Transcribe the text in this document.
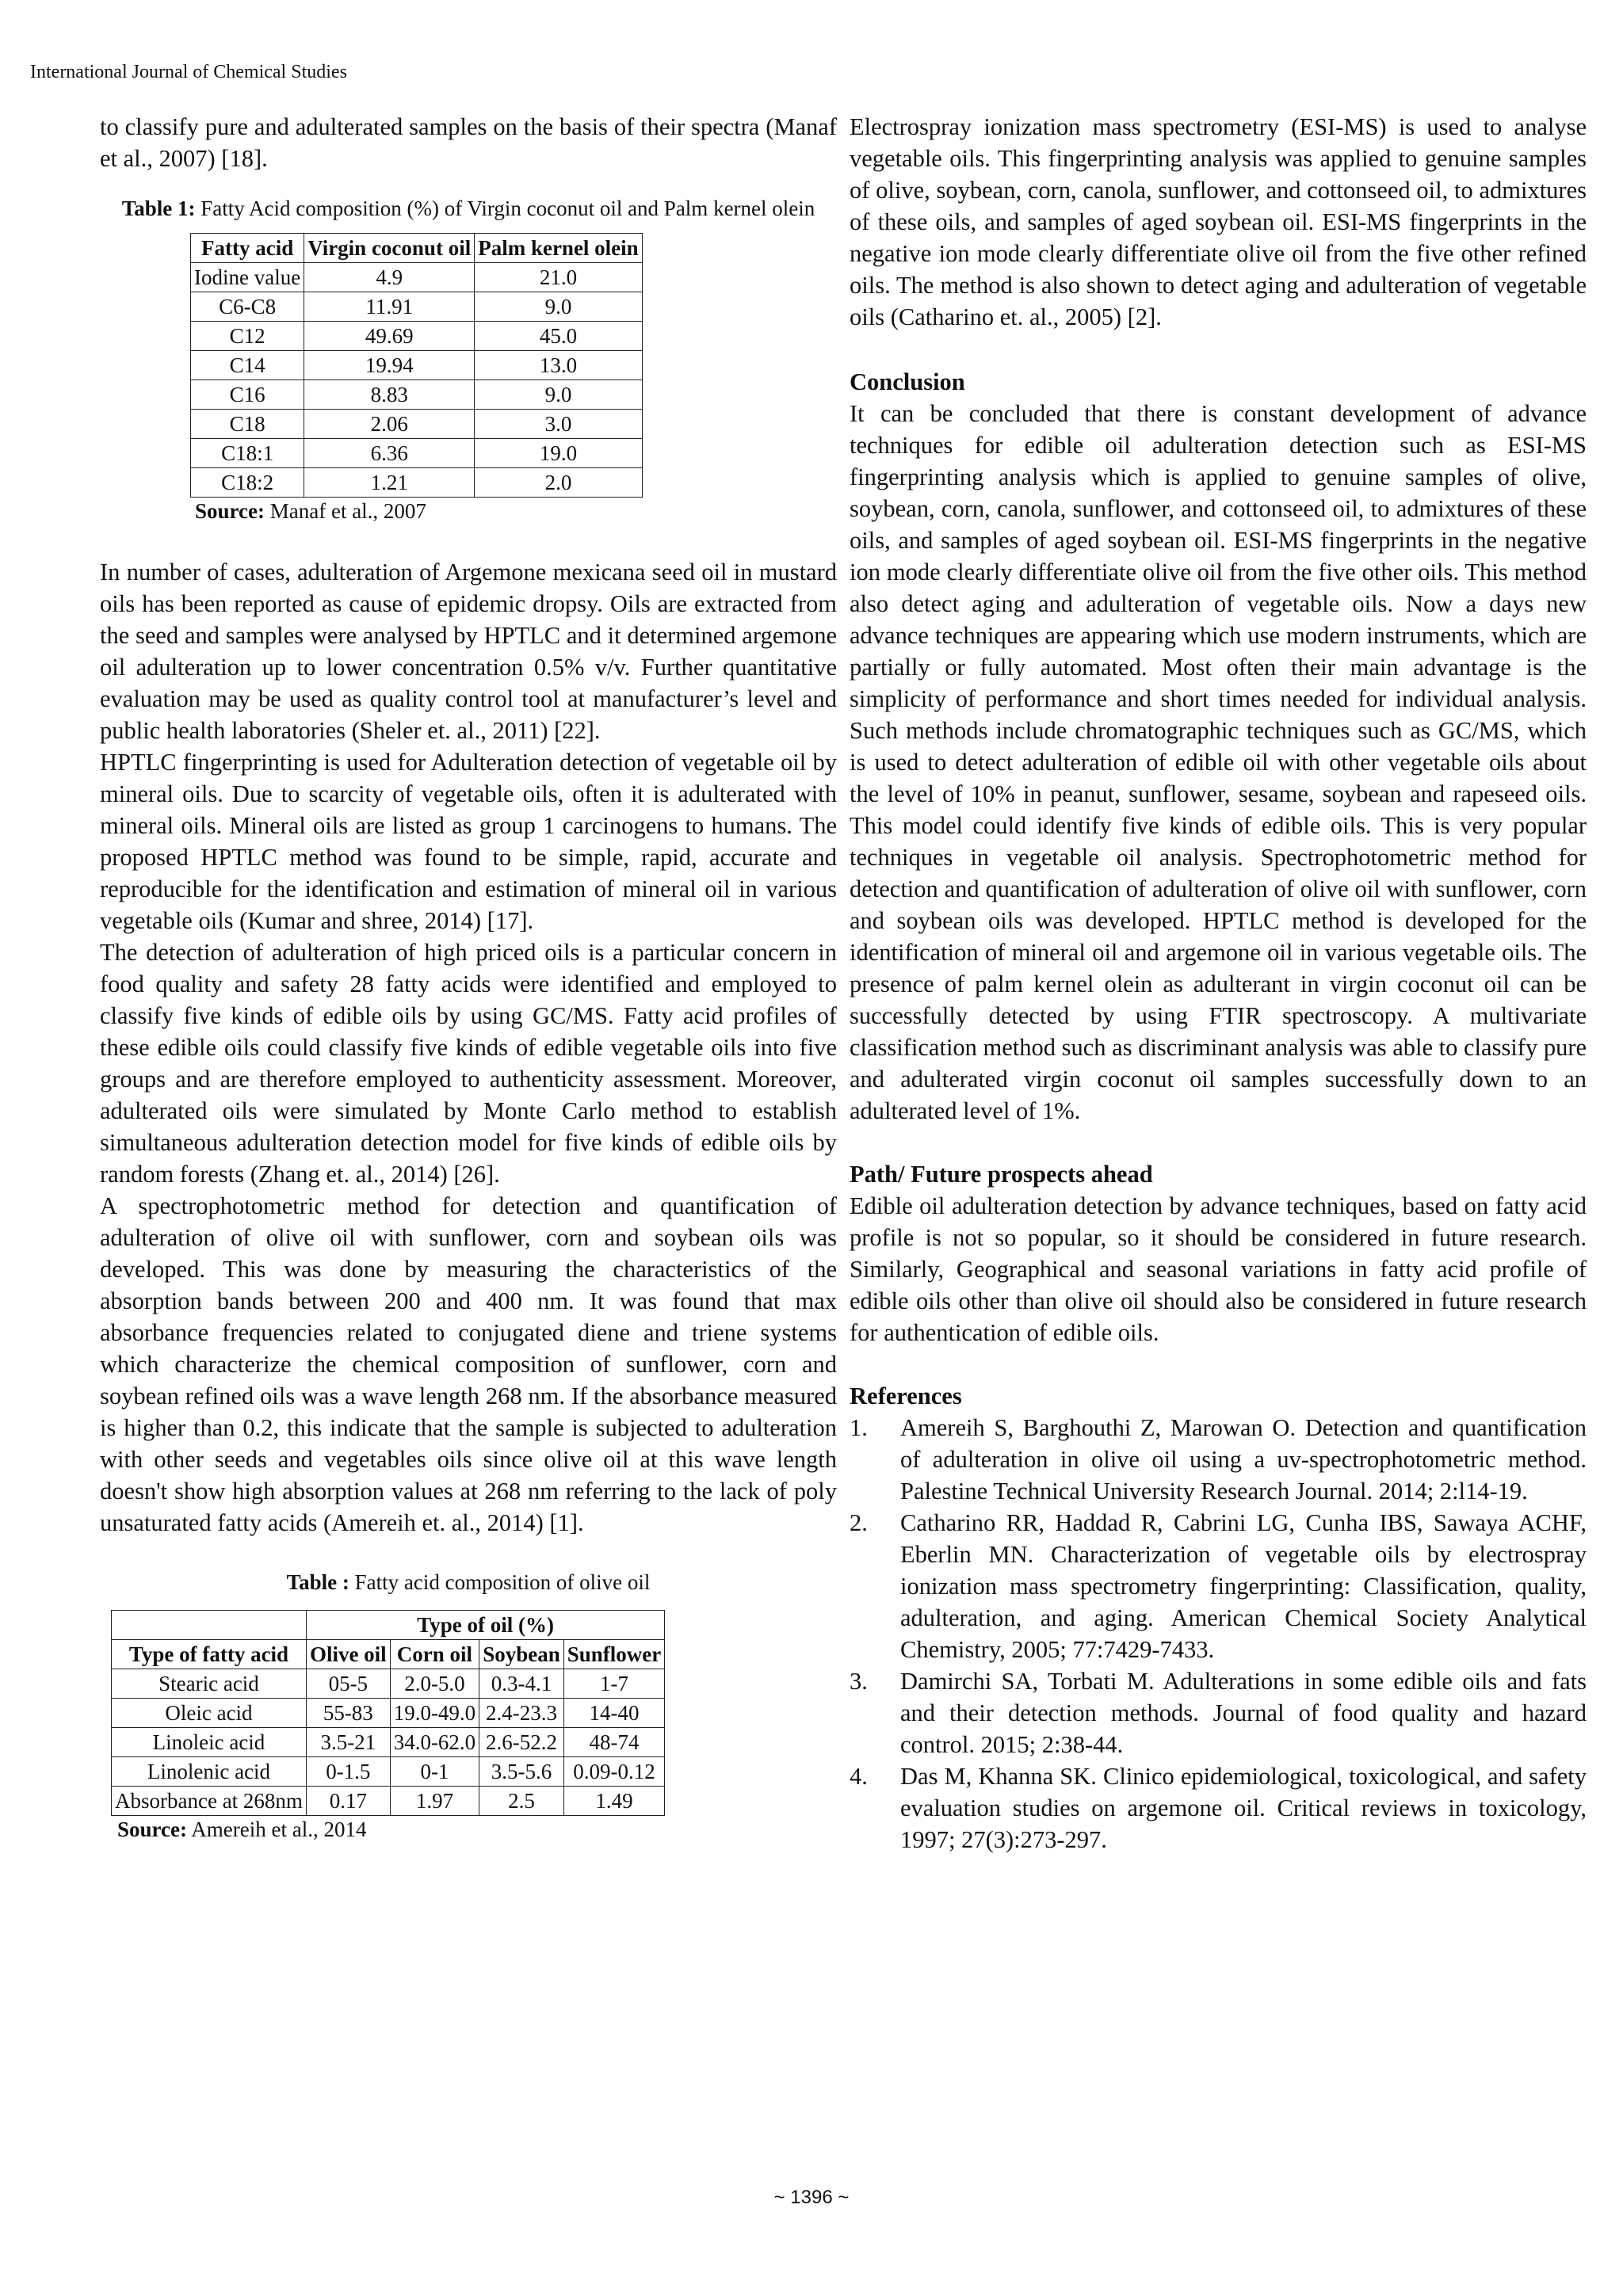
International Journal of Chemical Studies

to classify pure and adulterated samples on the basis of their spectra (Manaf et al., 2007) [18].

Table 1: Fatty Acid composition (%) of Virgin coconut oil and Palm kernel olein

Fatty acid	Virgin coconut oil	Palm kernel olein
Iodine value	4.9	21.0
C6-C8	11.91	9.0
C12	49.69	45.0
C14	19.94	13.0
C16	8.83	9.0
C18	2.06	3.0
C18:1	6.36	19.0
C18:2	1.21	2.0
Source: Manaf et al., 2007

In number of cases, adulteration of Argemone mexicana seed oil in mustard oils has been reported as cause of epidemic dropsy. Oils are extracted from the seed and samples were analysed by HPTLC and it determined argemone oil adulteration up to lower concentration 0.5% v/v. Further quantitative evaluation may be used as quality control tool at manufacturer’s level and public health laboratories (Sheler et. al., 2011) [22].

HPTLC fingerprinting is used for Adulteration detection of vegetable oil by mineral oils. Due to scarcity of vegetable oils, often it is adulterated with mineral oils. Mineral oils are listed as group 1 carcinogens to humans. The proposed HPTLC method was found to be simple, rapid, accurate and reproducible for the identification and estimation of mineral oil in various vegetable oils (Kumar and shree, 2014) [17].

The detection of adulteration of high priced oils is a particular concern in food quality and safety 28 fatty acids were identified and employed to classify five kinds of edible oils by using GC/MS. Fatty acid profiles of these edible oils could classify five kinds of edible vegetable oils into five groups and are therefore employed to authenticity assessment. Moreover, adulterated oils were simulated by Monte Carlo method to establish simultaneous adulteration detection model for five kinds of edible oils by random forests (Zhang et. al., 2014) [26].

A spectrophotometric method for detection and quantification of adulteration of olive oil with sunflower, corn and soybean oils was developed. This was done by measuring the characteristics of the absorption bands between 200 and 400 nm. It was found that max absorbance frequencies related to conjugated diene and triene systems which characterize the chemical composition of sunflower, corn and soybean refined oils was a wave length 268 nm. If the absorbance measured is higher than 0.2, this indicate that the sample is subjected to adulteration with other seeds and vegetables oils since olive oil at this wave length doesn't show high absorption values at 268 nm referring to the lack of poly unsaturated fatty acids (Amereih et. al., 2014) [1].

Table : Fatty acid composition of olive oil

	Type of oil (%)			
Type of fatty acid	Olive oil	Corn oil	Soybean	Sunflower
Stearic acid	05-5	2.0-5.0	0.3-4.1	1-7
Oleic acid	55-83	19.0-49.0	2.4-23.3	14-40
Linoleic acid	3.5-21	34.0-62.0	2.6-52.2	48-74
Linolenic acid	0-1.5	0-1	3.5-5.6	0.09-0.12
Absorbance at 268nm	0.17	1.97	2.5	1.49
Source: Amereih et al., 2014

Electrospray ionization mass spectrometry (ESI-MS) is used to analyse vegetable oils. This fingerprinting analysis was applied to genuine samples of olive, soybean, corn, canola, sunflower, and cottonseed oil, to admixtures of these oils, and samples of aged soybean oil. ESI-MS fingerprints in the negative ion mode clearly differentiate olive oil from the five other refined oils. The method is also shown to detect aging and adulteration of vegetable oils (Catharino et. al., 2005) [2].

Conclusion

It can be concluded that there is constant development of advance techniques for edible oil adulteration detection such as ESI-MS fingerprinting analysis which is applied to genuine samples of olive, soybean, corn, canola, sunflower, and cottonseed oil, to admixtures of these oils, and samples of aged soybean oil. ESI-MS fingerprints in the negative ion mode clearly differentiate olive oil from the five other oils. This method also detect aging and adulteration of vegetable oils. Now a days new advance techniques are appearing which use modern instruments, which are partially or fully automated. Most often their main advantage is the simplicity of performance and short times needed for individual analysis. Such methods include chromatographic techniques such as GC/MS, which is used to detect adulteration of edible oil with other vegetable oils about the level of 10% in peanut, sunflower, sesame, soybean and rapeseed oils. This model could identify five kinds of edible oils. This is very popular techniques in vegetable oil analysis. Spectrophotometric method for detection and quantification of adulteration of olive oil with sunflower, corn and soybean oils was developed. HPTLC method is developed for the identification of mineral oil and argemone oil in various vegetable oils. The presence of palm kernel olein as adulterant in virgin coconut oil can be successfully detected by using FTIR spectroscopy. A multivariate classification method such as discriminant analysis was able to classify pure and adulterated virgin coconut oil samples successfully down to an adulterated level of 1%.

Path/ Future prospects ahead

Edible oil adulteration detection by advance techniques, based on fatty acid profile is not so popular, so it should be considered in future research. Similarly, Geographical and seasonal variations in fatty acid profile of edible oils other than olive oil should also be considered in future research for authentication of edible oils.

References
1.	Amereih S, Barghouthi Z, Marowan O. Detection and quantification of adulteration in olive oil using a uv-spectrophotometric method. Palestine Technical University Research Journal. 2014; 2:l14-19.
2.	Catharino RR, Haddad R, Cabrini LG, Cunha IBS, Sawaya ACHF, Eberlin MN. Characterization of vegetable oils by electrospray ionization mass spectrometry fingerprinting: Classification, quality, adulteration, and aging. American Chemical Society Analytical Chemistry, 2005; 77:7429-7433.
3.	Damirchi SA, Torbati M. Adulterations in some edible oils and fats and their detection methods. Journal of food quality and hazard control. 2015; 2:38-44.
4.	Das M, Khanna SK. Clinico epidemiological, toxicological, and safety evaluation studies on argemone oil. Critical reviews in toxicology, 1997; 27(3):273-297.
~ 1396 ~
